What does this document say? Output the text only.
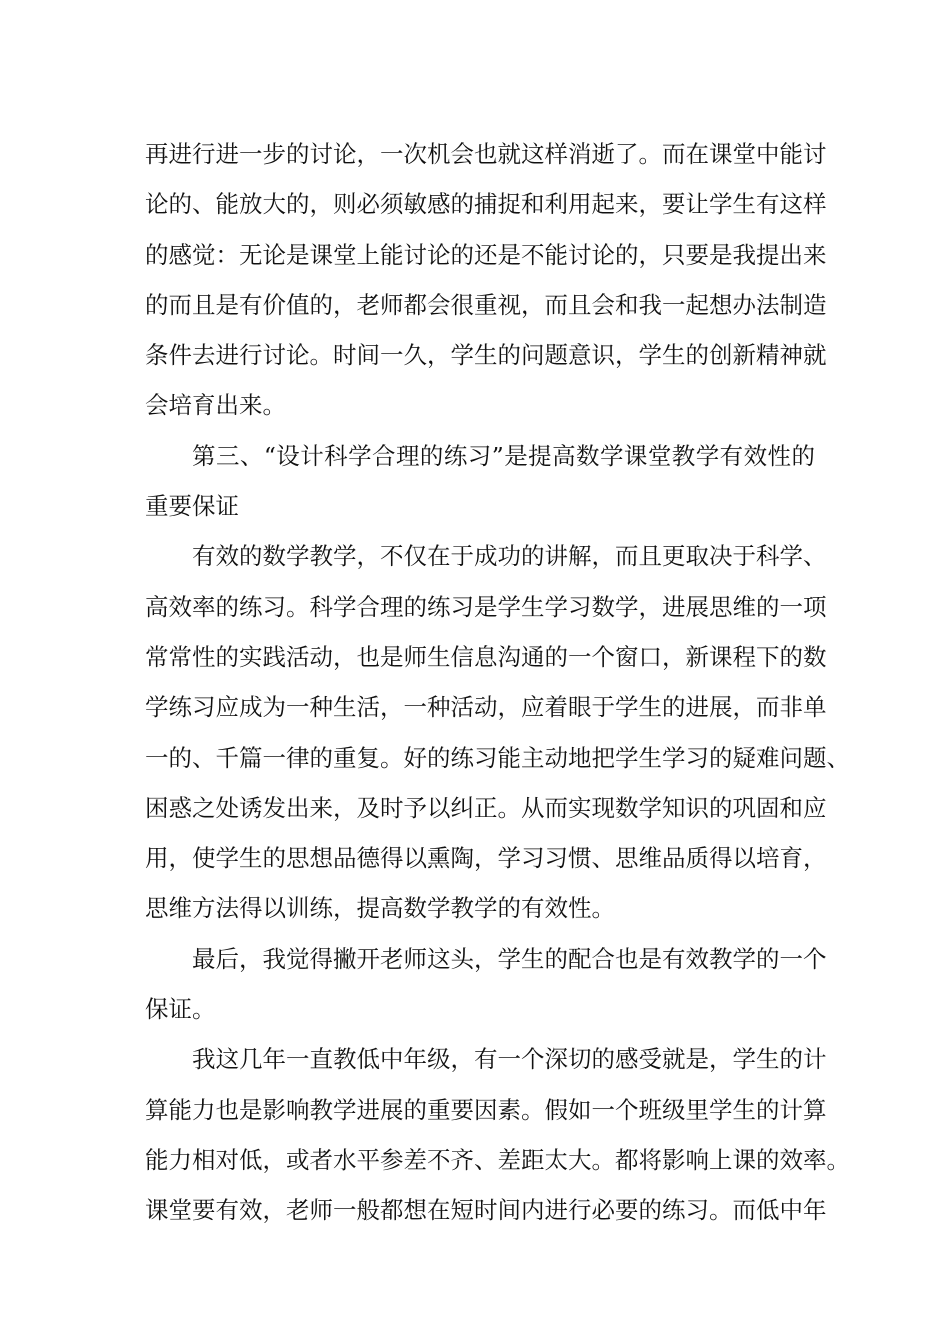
再进行进一步的讨论，一次机会也就这样消逝了。而在课堂中能讨
论的、能放大的，则必须敏感的捕捉和利用起来，要让学生有这样
的感觉：无论是课堂上能讨论的还是不能讨论的，只要是我提出来
的而且是有价值的，老师都会很重视，而且会和我一起想办法制造
条件去进行讨论。时间一久，学生的问题意识，学生的创新精神就
会培育出来。
第三、“设计科学合理的练习”是提高数学课堂教学有效性的
重要保证
有效的数学教学，不仅在于成功的讲解，而且更取决于科学、
高效率的练习。科学合理的练习是学生学习数学，进展思维的一项
常常性的实践活动，也是师生信息沟通的一个窗口，新课程下的数
学练习应成为一种生活，一种活动，应着眼于学生的进展，而非单
一的、千篇一律的重复。好的练习能主动地把学生学习的疑难问题、
困惑之处诱发出来，及时予以纠正。从而实现数学知识的巩固和应
用，使学生的思想品德得以熏陶，学习习惯、思维品质得以培育，
思维方法得以训练，提高数学教学的有效性。
最后，我觉得撇开老师这头，学生的配合也是有效教学的一个
保证。
我这几年一直教低中年级，有一个深切的感受就是，学生的计
算能力也是影响教学进展的重要因素。假如一个班级里学生的计算
能力相对低，或者水平参差不齐、差距太大。都将影响上课的效率。
课堂要有效，老师一般都想在短时间内进行必要的练习。而低中年
